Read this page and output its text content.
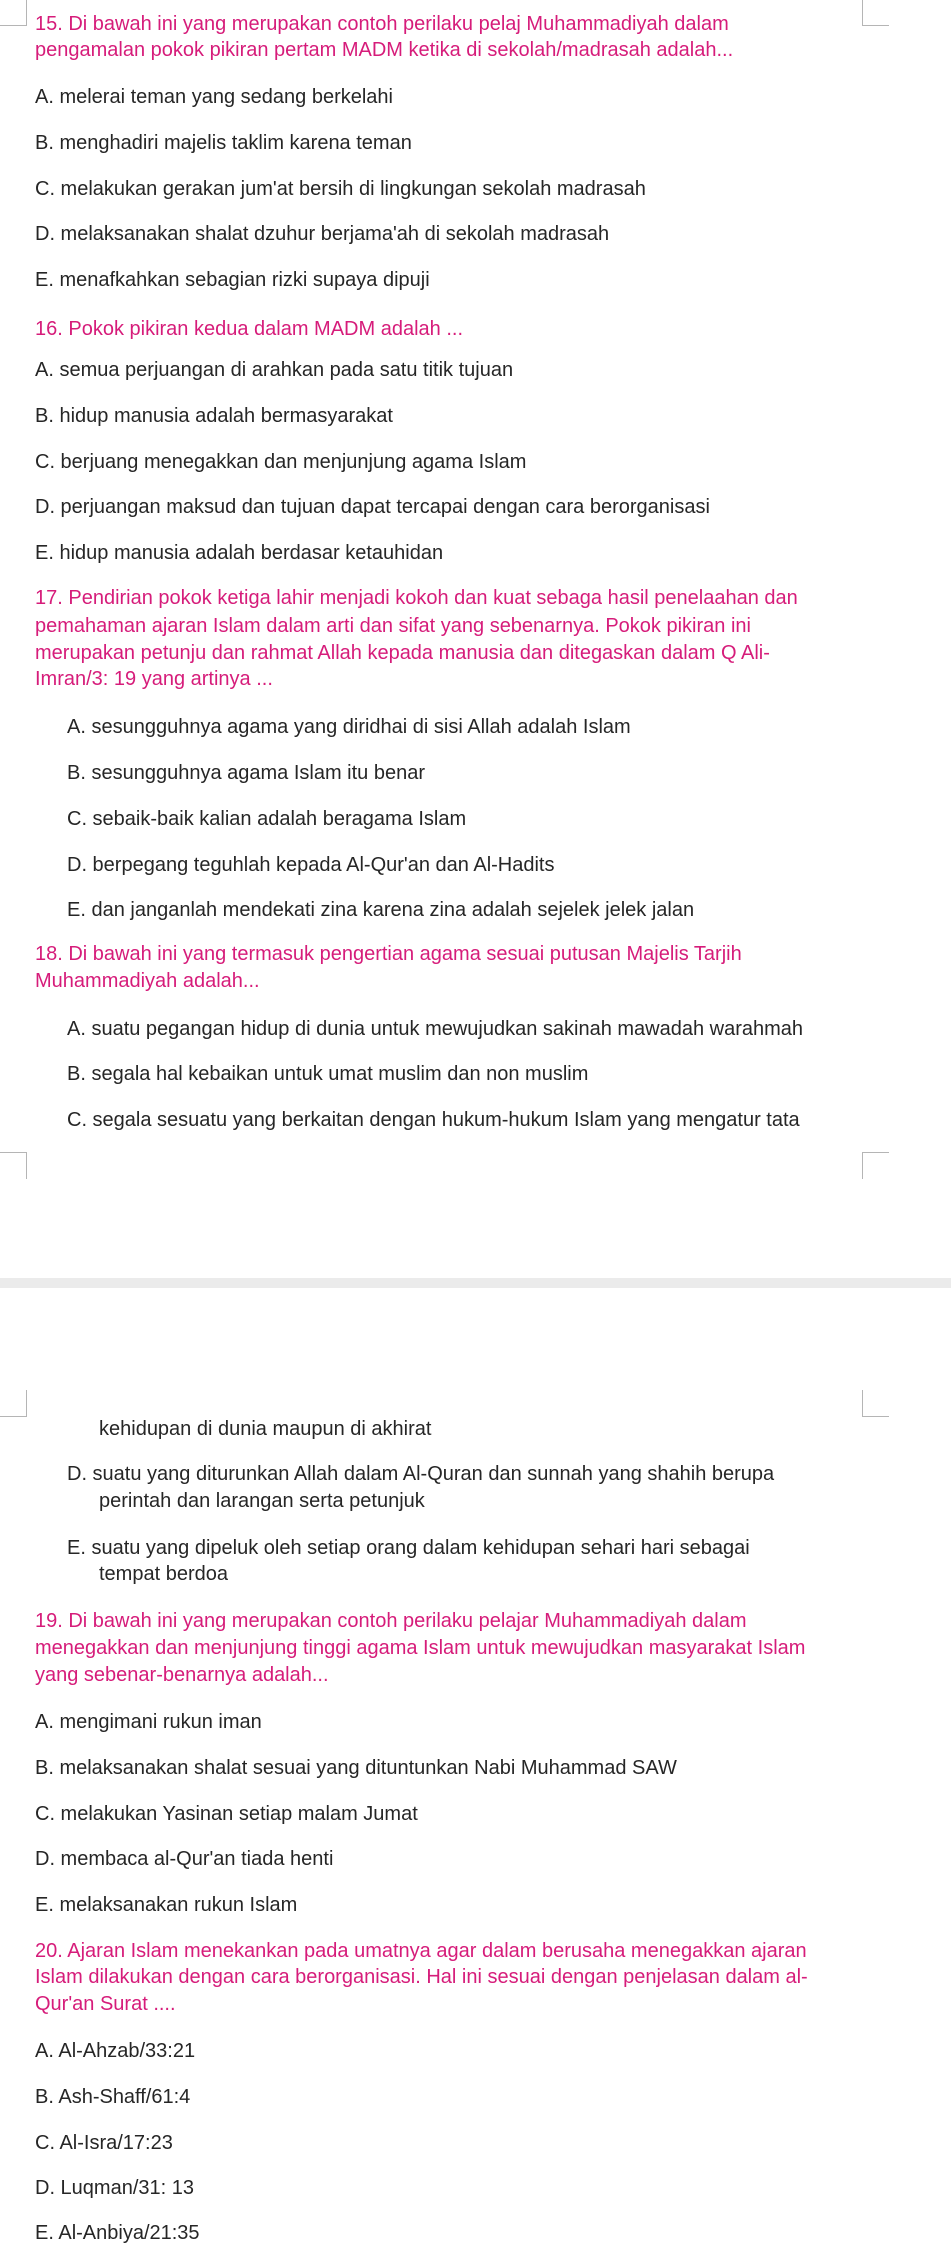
15. Di bawah ini yang merupakan contoh perilaku pelaj Muhammadiyah dalam
pengamalan pokok pikiran pertam MADM ketika di sekolah/madrasah adalah...
A. melerai teman yang sedang berkelahi
B. menghadiri majelis taklim karena teman
C. melakukan gerakan jum'at bersih di lingkungan sekolah madrasah
D. melaksanakan shalat dzuhur berjama'ah di sekolah madrasah
E. menafkahkan sebagian rizki supaya dipuji
16. Pokok pikiran kedua dalam MADM adalah ...
A. semua perjuangan di arahkan pada satu titik tujuan
B. hidup manusia adalah bermasyarakat
C. berjuang menegakkan dan menjunjung agama Islam
D. perjuangan maksud dan tujuan dapat tercapai dengan cara berorganisasi
E. hidup manusia adalah berdasar ketauhidan
17. Pendirian pokok ketiga lahir menjadi kokoh dan kuat sebaga hasil penelaahan dan
pemahaman ajaran Islam dalam arti dan sifat yang sebenarnya. Pokok pikiran ini
merupakan petunju dan rahmat Allah kepada manusia dan ditegaskan dalam Q Ali-
Imran/3: 19 yang artinya ...
A. sesungguhnya agama yang diridhai di sisi Allah adalah Islam
B. sesungguhnya agama Islam itu benar
C. sebaik-baik kalian adalah beragama Islam
D. berpegang teguhlah kepada Al-Qur'an dan Al-Hadits
E. dan janganlah mendekati zina karena zina adalah sejelek jelek jalan
18. Di bawah ini yang termasuk pengertian agama sesuai putusan Majelis Tarjih
Muhammadiyah adalah...
A. suatu pegangan hidup di dunia untuk mewujudkan sakinah mawadah warahmah
B. segala hal kebaikan untuk umat muslim dan non muslim
C. segala sesuatu yang berkaitan dengan hukum-hukum Islam yang mengatur tata
kehidupan di dunia maupun di akhirat
D. suatu yang diturunkan Allah dalam Al-Quran dan sunnah yang shahih berupa
perintah dan larangan serta petunjuk
E. suatu yang dipeluk oleh setiap orang dalam kehidupan sehari hari sebagai
tempat berdoa
19. Di bawah ini yang merupakan contoh perilaku pelajar Muhammadiyah dalam
menegakkan dan menjunjung tinggi agama Islam untuk mewujudkan masyarakat Islam
yang sebenar-benarnya adalah...
A. mengimani rukun iman
B. melaksanakan shalat sesuai yang dituntunkan Nabi Muhammad SAW
C. melakukan Yasinan setiap malam Jumat
D. membaca al-Qur'an tiada henti
E. melaksanakan rukun Islam
20. Ajaran Islam menekankan pada umatnya agar dalam berusaha menegakkan ajaran
Islam dilakukan dengan cara berorganisasi. Hal ini sesuai dengan penjelasan dalam al-
Qur'an Surat ....
A. Al-Ahzab/33:21
B. Ash-Shaff/61:4
C. Al-Isra/17:23
D. Luqman/31: 13
E. Al-Anbiya/21:35
